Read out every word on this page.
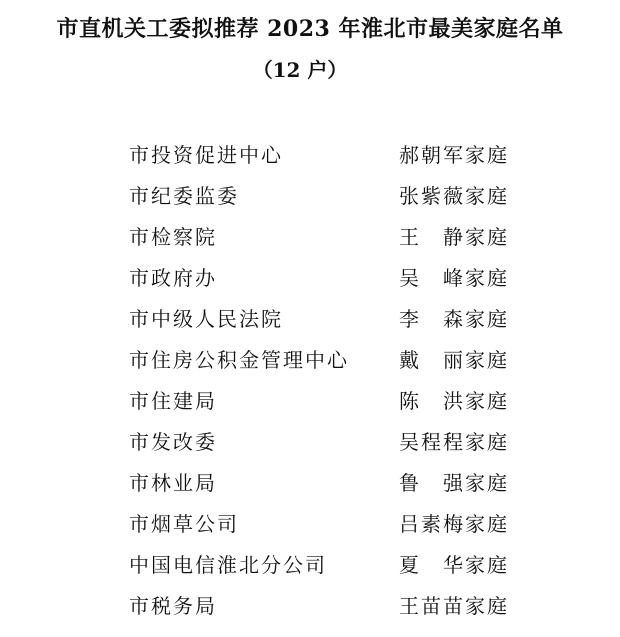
市直机关工委拟推荐 2023 年淮北市最美家庭名单
（12 户）
市投资促进中心	郝朝军家庭
市纪委监委	张紫薇家庭
市检察院	王　静家庭
市政府办	吴　峰家庭
市中级人民法院	李　森家庭
市住房公积金管理中心	戴　丽家庭
市住建局	陈　洪家庭
市发改委	吴程程家庭
市林业局	鲁　强家庭
市烟草公司	吕素梅家庭
中国电信淮北分公司	夏　华家庭
市税务局	王苗苗家庭
